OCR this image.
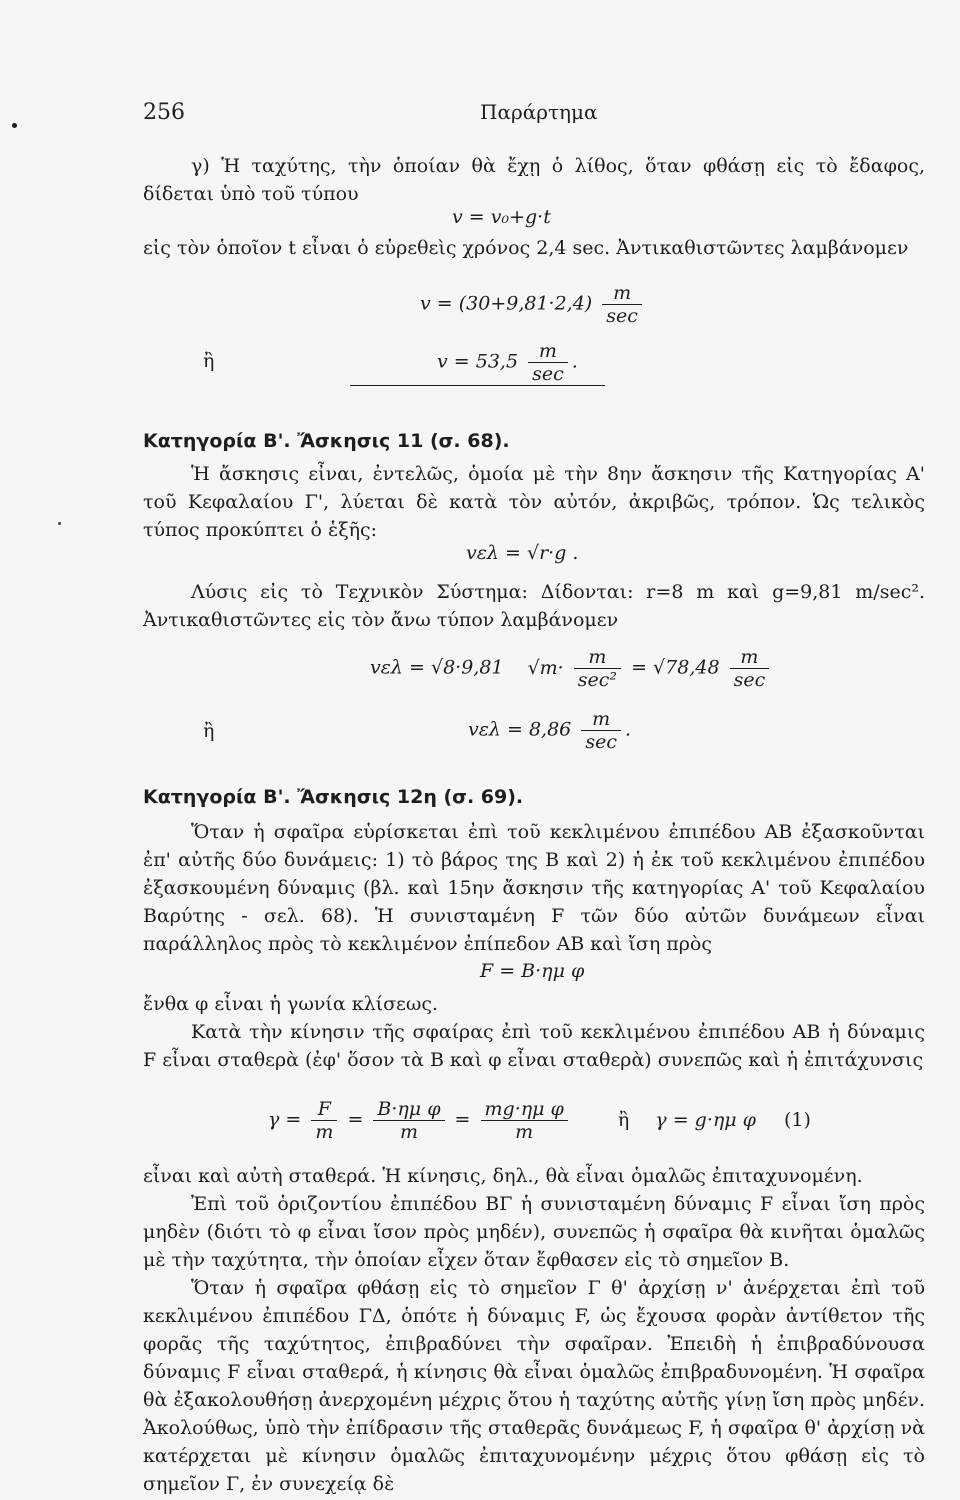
256	Παράρτημα
γ) Ἡ ταχύτης, τὴν ὁποίαν θὰ ἔχῃ ὁ λίθος, ὅταν φθάσῃ εἰς τὸ ἔδαφος, δίδεται ὑπὸ τοῦ τύπου
v = v₀+g·t
εἰς τὸν ὁποῖον t εἶναι ὁ εὑρεθεὶς χρόνος 2,4 sec. Ἀντικαθιστῶντες λαμβάνομεν
$v = (30+9,81\cdot 2,4) \frac{m}{\sec}$
ἢ	$v = 53,5 \frac{m}{\sec}$ .
Κατηγορία Β'. Ἄσκησις 11 (σ. 68).
Ἡ ἄσκησις εἶναι, ἐντελῶς, ὁμοία μὲ τὴν 8ην ἄσκησιν τῆς Κατηγορίας Α' τοῦ Κεφαλαίου Γ', λύεται δὲ κατὰ τὸν αὐτόν, ἀκριβῶς, τρόπον. Ὡς τελικὸς τύπος προκύπτει ὁ ἑξῆς:
vελ = √r·g .
Λύσις εἰς τὸ Τεχνικὸν Σύστημα: Δίδονται: r=8 m καὶ g=9,81 m/sec². Ἀντικαθιστῶντες εἰς τὸν ἄνω τύπον λαμβάνομεν
vελ = √8·9,81 $√m\cdot \frac{m}{\text{sec²}} = √78,48 \frac{m}{\sec}$
ἢ	$v\varepsilon\lambda = 8,86 \frac{m}{\sec}$ .
Κατηγορία Β'. Ἄσκησις 12η (σ. 69).
Ὅταν ἡ σφαῖρα εὑρίσκεται ἐπὶ τοῦ κεκλιμένου ἐπιπέδου ΑΒ ἐξασκοῦνται ἐπ' αὐτῆς δύο δυνάμεις: 1) τὸ βάρος της Β καὶ 2) ἡ ἐκ τοῦ κεκλιμένου ἐπιπέδου ἐξασκουμένη δύναμις (βλ. καὶ 15ην ἄσκησιν τῆς κατηγορίας Α' τοῦ Κεφαλαίου Βαρύτης - σελ. 68). Ἡ συνισταμένη F τῶν δύο αὐτῶν δυνάμεων εἶναι παράλληλος πρὸς τὸ κεκλιμένον ἐπίπεδον ΑΒ καὶ ἴση πρὸς
F = B·ημ φ
ἔνθα φ εἶναι ἡ γωνία κλίσεως.
Κατὰ τὴν κίνησιν τῆς σφαίρας ἐπὶ τοῦ κεκλιμένου ἐπιπέδου ΑΒ ἡ δύναμις F εἶναι σταθερὰ (ἐφ' ὅσον τὰ Β καὶ φ εἶναι σταθερὰ) συνεπῶς καὶ ἡ ἐπιτάχυνσις
$\gamma = \frac{F}{m} = \frac{\text{B·ημ φ}}{m} = \frac{\text{mg·ημ φ}}{m}$	ἢ γ = g·ημ φ (1)
εἶναι καὶ αὐτὴ σταθερά. Ἡ κίνησις, δηλ., θὰ εἶναι ὁμαλῶς ἐπιταχυνομένη.
Ἐπὶ τοῦ ὁριζοντίου ἐπιπέδου ΒΓ ἡ συνισταμένη δύναμις F εἶναι ἴση πρὸς μηδὲν (διότι τὸ φ εἶναι ἴσον πρὸς μηδέν), συνεπῶς ἡ σφαῖρα θὰ κινῆται ὁμαλῶς μὲ τὴν ταχύτητα, τὴν ὁποίαν εἶχεν ὅταν ἔφθασεν εἰς τὸ σημεῖον Β.
Ὅταν ἡ σφαῖρα φθάσῃ εἰς τὸ σημεῖον Γ θ' ἀρχίσῃ ν' ἀνέρχεται ἐπὶ τοῦ κεκλιμένου ἐπιπέδου ΓΔ, ὁπότε ἡ δύναμις F, ὡς ἔχουσα φορὰν ἀντίθετον τῆς φορᾶς τῆς ταχύτητος, ἐπιβραδύνει τὴν σφαῖραν. Ἐπειδὴ ἡ ἐπιβραδύνουσα δύναμις F εἶναι σταθερά, ἡ κίνησις θὰ εἶναι ὁμαλῶς ἐπιβραδυνομένη. Ἡ σφαῖρα θὰ ἐξακολουθήσῃ ἀνερχομένη μέχρις ὅτου ἡ ταχύτης αὐτῆς γίνῃ ἴση πρὸς μηδέν. Ἀκολούθως, ὑπὸ τὴν ἐπίδρασιν τῆς σταθερᾶς δυνάμεως F, ἡ σφαῖρα θ' ἀρχίσῃ νὰ κατέρχεται μὲ κίνησιν ὁμαλῶς ἐπιταχυνομένην μέχρις ὅτου φθάσῃ εἰς τὸ σημεῖον Γ, ἐν συνεχείᾳ δὲ
